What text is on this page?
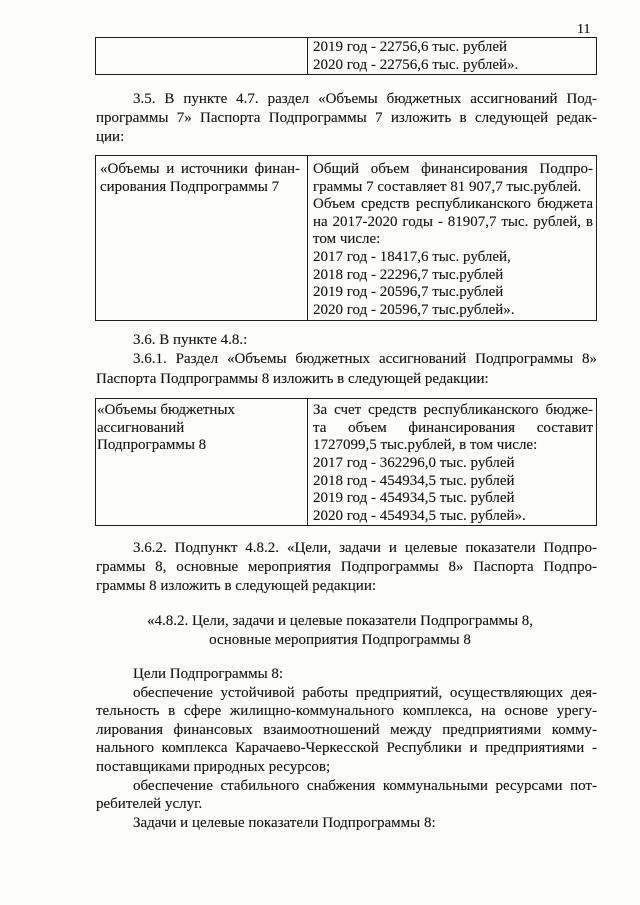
11
2019 год - 22756,6 тыс. рублей
2020 год - 22756,6 тыс. рублей».
3.5. В пункте 4.7. раздел «Объемы бюджетных ассигнований Под-
программы 7» Паспорта Подпрограммы 7 изложить в следующей редак-
ции:
«Объемы и источники финан-
сирования Подпрограммы 7
Общий объем финансирования Подпро-
граммы 7 составляет 81 907,7 тыс.рублей.
Объем средств республиканского бюджета
на 2017-2020 годы - 81907,7 тыс. рублей, в
том числе:
2017 год - 18417,6 тыс. рублей,
2018 год - 22296,7 тыс.рублей
2019 год - 20596,7 тыс.рублей
2020 год - 20596,7 тыс.рублей».
3.6. В пункте 4.8.:
3.6.1. Раздел «Объемы бюджетных ассигнований Подпрограммы 8»
Паспорта Подпрограммы 8 изложить в следующей редакции:
«Объемы бюджетных
ассигнований
Подпрограммы 8
За счет средств республиканского бюдже-
та объем финансирования составит
1727099,5 тыс.рублей, в том числе:
2017 год - 362296,0 тыс. рублей
2018 год - 454934,5 тыс. рублей
2019 год - 454934,5 тыс. рублей
2020 год - 454934,5 тыс. рублей».
3.6.2. Подпункт 4.8.2. «Цели, задачи и целевые показатели Подпро-
граммы 8, основные мероприятия Подпрограммы 8» Паспорта Подпро-
граммы 8 изложить в следующей редакции:
«4.8.2. Цели, задачи и целевые показатели Подпрограммы 8,
основные мероприятия Подпрограммы 8
Цели Подпрограммы 8:
обеспечение устойчивой работы предприятий, осуществляющих дея-
тельность в сфере жилищно-коммунального комплекса, на основе урегу-
лирования финансовых взаимоотношений между предприятиями комму-
нального комплекса Карачаево-Черкесской Республики и предприятиями -
поставщиками природных ресурсов;
обеспечение стабильного снабжения коммунальными ресурсами пот-
ребителей услуг.
Задачи и целевые показатели Подпрограммы 8:
